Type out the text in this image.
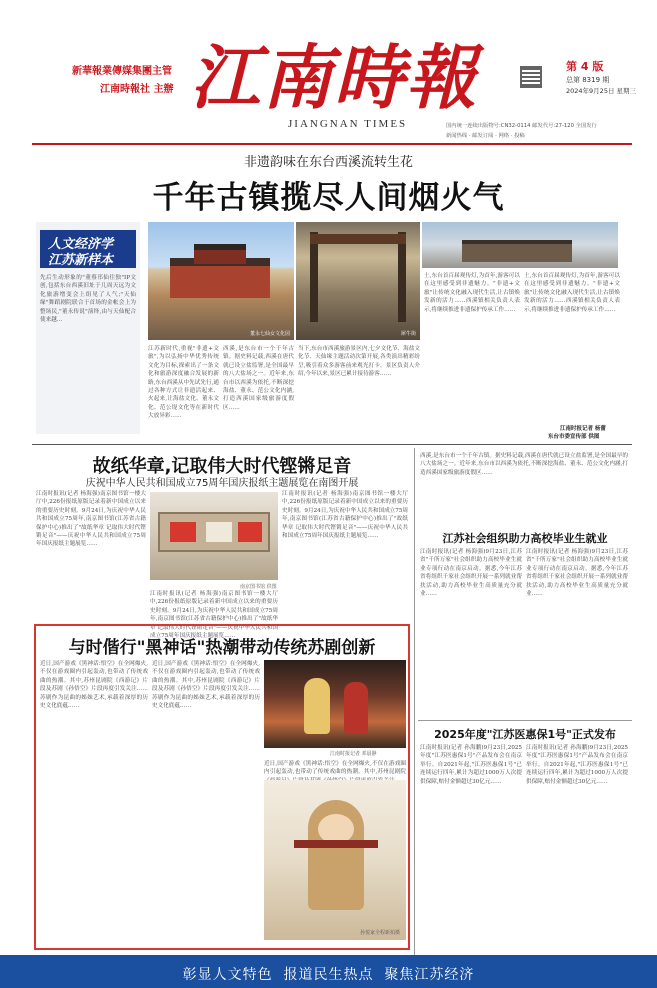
新華報業傳媒集團主管
江南時報社 主辦 江南時報
JIANGNAN TIMES
第 4 版
总第 8319 期
2024年9月25日 星期三
国内统一连续出版物号:CN32-0114 邮发代号:27-120 全国发行
新闻热线 · 邮发订阅 · 网络 · 投稿
非遗韵味在东台西溪流转生花
千年古镇揽尽人间烟火气
人文经济学
江苏新样本
先后生动形象的"董蔡邗仙往独"IP文创,包括东台西溪旧址于几周天远为文化旅游增变会上组见了人气;"天仙缘"舞蹈剧院联合于首场的金帐会上为整场民,"董永传说"演绎,由与天仙配合使来越…
董永七仙女文化园	犀牛街
江苏新时代,重视"非遗+文旅",为以弘扬中华优秀传统文化为目标,探索出了一条文化和旅游深度融合发展的新路,东台西溪从中先试先行,通过各种方式让非遗活起来、火起来,让海盐文化、董永文化、范公堤文化等在新时代大放异彩……
西溪,是东台市一个千年古镇。据史料记载,西溪在唐代就已设立盐监署,是全国最早的八大盐场之一。近年来,东台市以西溪为依托,不断深挖海盐、董永、范公文化内涵,打造西溪国家级旅游度假区……
当下,东台市西溪旅游景区内,七夕文化节、海盐文化节、天仙缘主题活动次第开展,各类演出精彩纷呈,吸引着众多游客前来观光打卡。景区负责人介绍,今年以来,景区已累计接待游客……
土,东台首百届观传灯,为首年,游客可以在这里感受到非遗魅力。"非遗+文旅"让传统文化融入现代生活,让古镇焕发新的活力……西溪镇相关负责人表示,将继续推进非遗保护传承工作……
土,东台首百届观传灯,为首年,游客可以在这里感受到非遗魅力。"非遗+文旅"让传统文化融入现代生活,让古镇焕发新的活力……西溪镇相关负责人表示,将继续推进非遗保护传承工作……
江南时报记者 杨蕾
东台市委宣传部 供图
故纸华章,记取伟大时代铿锵足音
庆祝中华人民共和国成立75周年国庆报纸主题展览在南图开展
江南时报讯(记者 杨海强)南京图书馆一楼大厅中,226份报纸原版记录着新中国成立以来的重要历史时刻。9月24日,为庆祝中华人民共和国成立75周年,南京图书馆(江苏省古籍保护中心)推出了"故纸华章 记取伟大时代铿锵足音"——庆祝中华人民共和国成立75周年国庆报纸主题展览……
南京图书馆 供图
江南时报讯(记者 杨海强)南京图书馆一楼大厅中,226份报纸原版记录着新中国成立以来的重要历史时刻。9月24日,为庆祝中华人民共和国成立75周年,南京图书馆(江苏省古籍保护中心)推出了"故纸华章 记取伟大时代铿锵足音"——庆祝中华人民共和国成立75周年国庆报纸主题展览……
江南时报讯(记者 杨海强)南京图书馆一楼大厅中,226份报纸原版记录着新中国成立以来的重要历史时刻。9月24日,为庆祝中华人民共和国成立75周年,南京图书馆(江苏省古籍保护中心)推出了"故纸华章 记取伟大时代铿锵足音"——庆祝中华人民共和国成立75周年国庆报纸主题展览……	江苏社会组织助力高校毕业生就业
江南时报讯(记者 杨海强)9月23日,江苏省"千所万家"社会组织助力高校毕业生就业专项行动在南京启动。据悉,今年江苏省将组织千家社会组织开展一系列就业帮扶活动,助力高校毕业生高质量充分就业……
江南时报讯(记者 杨海强)9月23日,江苏省"千所万家"社会组织助力高校毕业生就业专项行动在南京启动。据悉,今年江苏省将组织千家社会组织开展一系列就业帮扶活动,助力高校毕业生高质量充分就业……
西溪,是东台市一个千年古镇。据史料记载,西溪在唐代就已设立盐监署,是全国最早的八大盐场之一。近年来,东台市以西溪为依托,不断深挖海盐、董永、范公文化内涵,打造西溪国家级旅游度假区……
与时偕行"黑神话"热潮带动传统苏剧创新
近日,国产游戏《黑神话:悟空》在全网爆火,不仅在游戏圈内引起轰动,也带动了传统戏曲的热潮。其中,苏州昆剧院《西游记》片段及苏剧《孙悟空》片段再度引发关注……苏剧作为昆曲的姊妹艺术,承载着深厚的历史文化底蕴……
近日,国产游戏《黑神话:悟空》在全网爆火,不仅在游戏圈内引起轰动,也带动了传统戏曲的热潮。其中,苏州昆剧院《西游记》片段及苏剧《孙悟空》片段再度引发关注……苏剧作为昆曲的姊妹艺术,承载着深厚的历史文化底蕴……
江南时报记者 邓晨静
近日,国产游戏《黑神话:悟空》在全网爆火,不仅在游戏圈内引起轰动,也带动了传统戏曲的热潮。其中,苏州昆剧院
孙悦家全程新拍摄
2025年度"江苏医惠保1号"正式发布
江南时报讯(记者 孙海鹏)9月23日,2025年度"江苏医惠保1号"产品发布会在南京举行。自2021年起,"江苏医惠保1号"已连续运行四年,累计为超过1000万人次提供保障,赔付金额超过30亿元……
江南时报讯(记者 孙海鹏)9月23日,2025年度"江苏医惠保1号"产品发布会在南京举行。自2021年起,"江苏医惠保1号"已连续运行四年,累计为超过1000万人次提供保障,赔付金额超过30亿元……
彰显人文特色  报道民生热点  聚焦江苏经济
